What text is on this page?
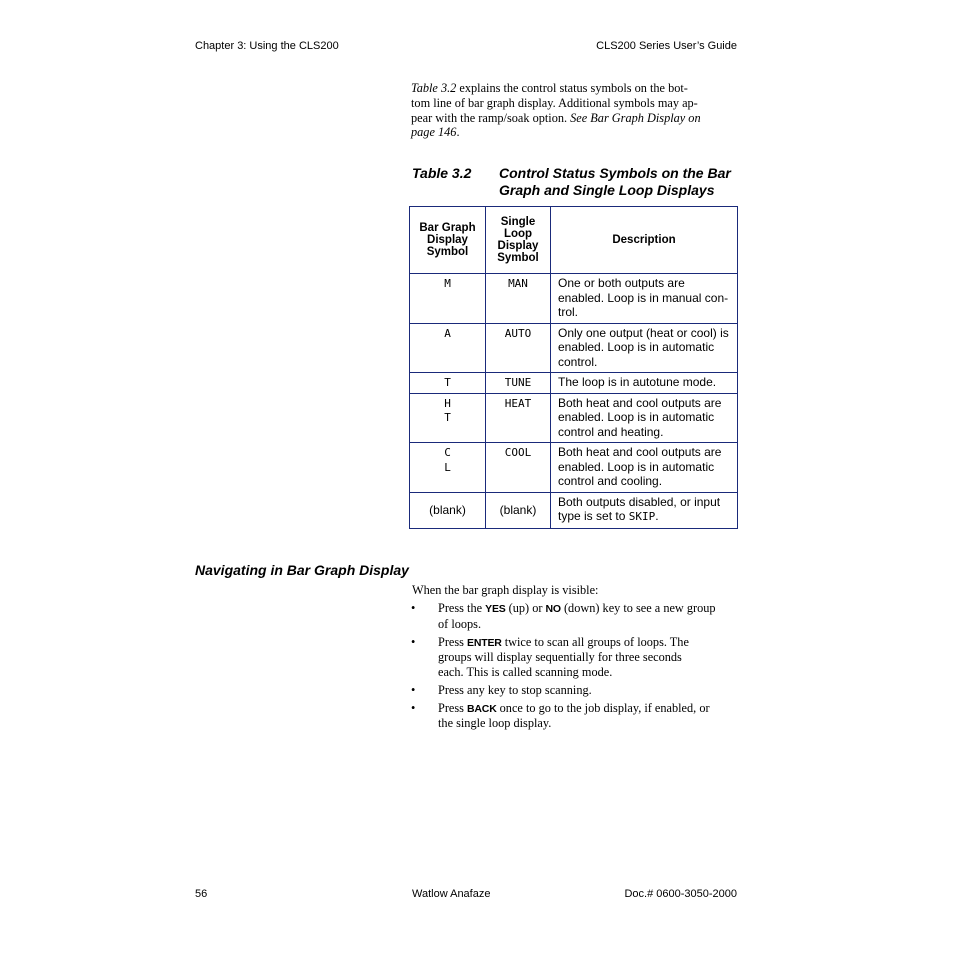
Chapter 3: Using the CLS200	CLS200 Series User’s Guide
Table 3.2 explains the control status symbols on the bot-
tom line of bar graph display. Additional symbols may ap-
pear with the ramp/soak option. See Bar Graph Display on
page 146.
Table 3.2 Control Status Symbols on the Bar Graph and Single Loop Displays
Bar Graph
Display
Symbol	Single
Loop
Display
Symbol	Description
M	MAN	One or both outputs are
enabled. Loop is in manual con-
trol.
A	AUTO	Only one output (heat or cool) is
enabled. Loop is in automatic
control.
T	TUNE	The loop is in autotune mode.
H
T	HEAT	Both heat and cool outputs are
enabled. Loop is in automatic
control and heating.
C
L	COOL	Both heat and cool outputs are
enabled. Loop is in automatic
control and cooling.
(blank)	(blank)	Both outputs disabled, or input
type is set to SKIP.
Navigating in Bar Graph Display
When the bar graph display is visible:
• Press the YES (up) or NO (down) key to see a new group
of loops.
• Press ENTER twice to scan all groups of loops. The
groups will display sequentially for three seconds
each. This is called scanning mode.
• Press any key to stop scanning.
• Press BACK once to go to the job display, if enabled, or
the single loop display.
56	Watlow Anafaze	Doc.# 0600-3050-2000
